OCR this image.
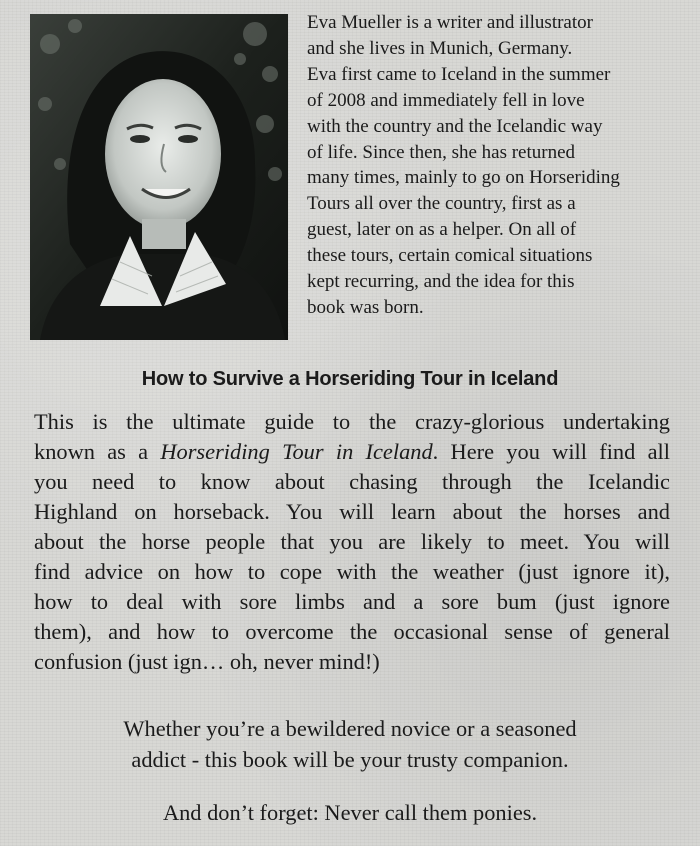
Eva Mueller is a writer and illustrator
and she lives in Munich, Germany.
Eva first came to Iceland in the summer
of 2008 and immediately fell in love
with the country and the Icelandic way
of life. Since then, she has returned
many times, mainly to go on Horseriding
Tours all over the country, first as a
guest, later on as a helper. On all of
these tours, certain comical situations
kept recurring, and the idea for this
book was born.

How to Survive a Horseriding Tour in Iceland

This is the ultimate guide to the crazy-glorious undertaking
known as a Horseriding Tour in Iceland. Here you will find all
you need to know about chasing through the Icelandic
Highland on horseback. You will learn about the horses and
about the horse people that you are likely to meet. You will
find advice on how to cope with the weather (just ignore it),
how to deal with sore limbs and a sore bum (just ignore
them), and how to overcome the occasional sense of general
confusion (just ign… oh, never mind!)

Whether you’re a bewildered novice or a seasoned
addict - this book will be your trusty companion.

And don’t forget: Never call them ponies.
